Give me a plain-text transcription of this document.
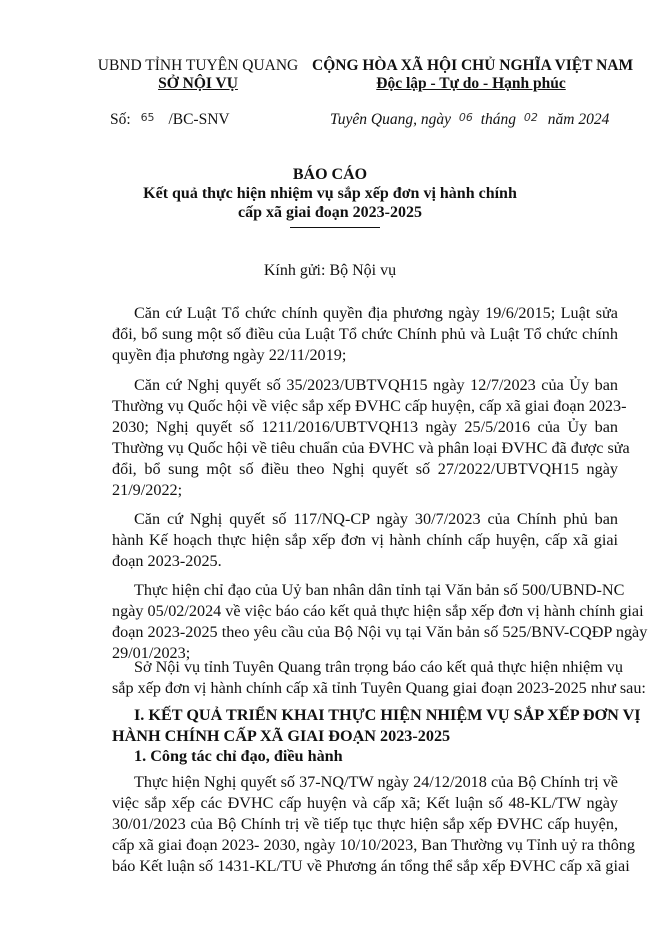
UBND TỈNH TUYÊN QUANG
SỞ NỘI VỤ
CỘNG HÒA XÃ HỘI CHỦ NGHĨA VIỆT NAM
Độc lập - Tự do - Hạnh phúc
Số: 65 /BC-SNV	Tuyên Quang, ngày 06 tháng 02 năm 2024
BÁO CÁO
Kết quả thực hiện nhiệm vụ sắp xếp đơn vị hành chính
cấp xã giai đoạn 2023-2025
Kính gửi: Bộ Nội vụ
Căn cứ Luật Tổ chức chính quyền địa phương ngày 19/6/2015; Luật sửa
đổi, bổ sung một số điều của Luật Tổ chức Chính phủ và Luật Tổ chức chính
quyền địa phương ngày 22/11/2019;
Căn cứ Nghị quyết số 35/2023/UBTVQH15 ngày 12/7/2023 của Ủy ban
Thường vụ Quốc hội về việc sắp xếp ĐVHC cấp huyện, cấp xã giai đoạn 2023-
2030; Nghị quyết số 1211/2016/UBTVQH13 ngày 25/5/2016 của Ủy ban
Thường vụ Quốc hội về tiêu chuẩn của ĐVHC và phân loại ĐVHC đã được sửa
đổi, bổ sung một số điều theo Nghị quyết số 27/2022/UBTVQH15 ngày
21/9/2022;
Căn cứ Nghị quyết số 117/NQ-CP ngày 30/7/2023 của Chính phủ ban
hành Kế hoạch thực hiện sắp xếp đơn vị hành chính cấp huyện, cấp xã giai
đoạn 2023-2025.
Thực hiện chỉ đạo của Uỷ ban nhân dân tỉnh tại Văn bản số 500/UBND-NC
ngày 05/02/2024 về việc báo cáo kết quả thực hiện sắp xếp đơn vị hành chính giai
đoạn 2023-2025 theo yêu cầu của Bộ Nội vụ tại Văn bản số 525/BNV-CQĐP ngày
29/01/2023;
Sở Nội vụ tỉnh Tuyên Quang trân trọng báo cáo kết quả thực hiện nhiệm vụ
sắp xếp đơn vị hành chính cấp xã tỉnh Tuyên Quang giai đoạn 2023-2025 như sau:
I. KẾT QUẢ TRIỂN KHAI THỰC HIỆN NHIỆM VỤ SẮP XẾP ĐƠN VỊ
HÀNH CHÍNH CẤP XÃ GIAI ĐOẠN 2023-2025
1. Công tác chỉ đạo, điều hành
Thực hiện Nghị quyết số 37-NQ/TW ngày 24/12/2018 của Bộ Chính trị về
việc sắp xếp các ĐVHC cấp huyện và cấp xã; Kết luận số 48-KL/TW ngày
30/01/2023 của Bộ Chính trị về tiếp tục thực hiện sắp xếp ĐVHC cấp huyện,
cấp xã giai đoạn 2023- 2030, ngày 10/10/2023, Ban Thường vụ Tỉnh uỷ ra thông
báo Kết luận số 1431-KL/TU về Phương án tổng thể sắp xếp ĐVHC cấp xã giai
